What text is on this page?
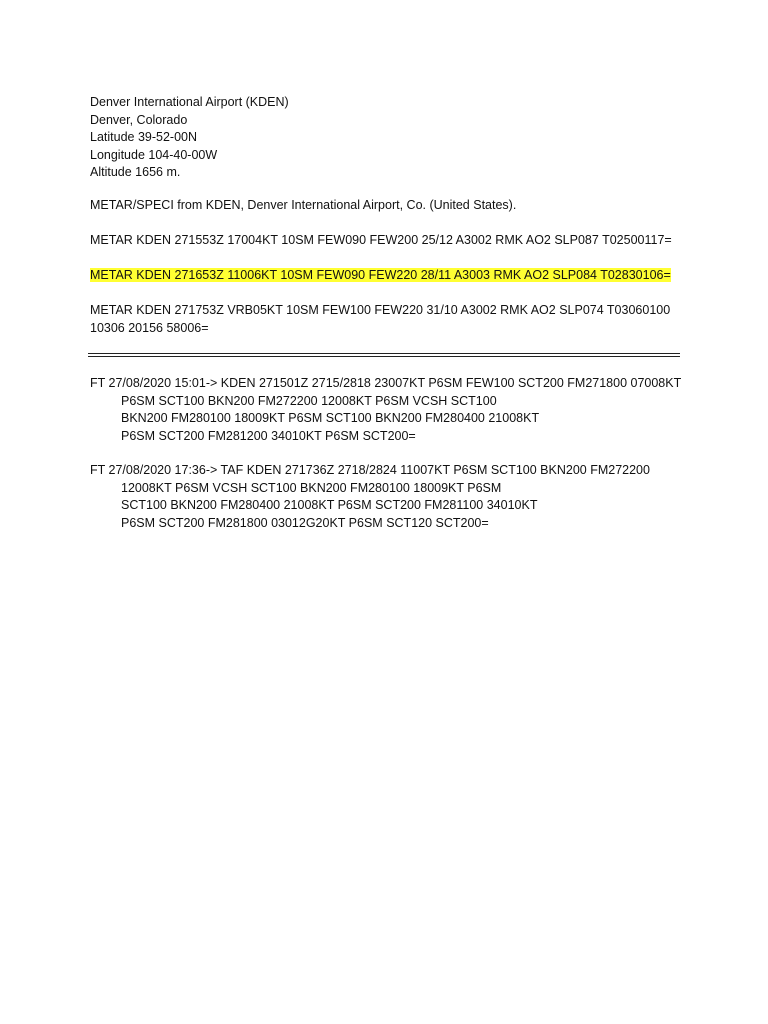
Denver International Airport (KDEN)
Denver, Colorado
Latitude 39-52-00N
Longitude 104-40-00W
Altitude 1656 m.
METAR/SPECI from KDEN, Denver International Airport, Co. (United States).
METAR KDEN 271553Z 17004KT 10SM FEW090 FEW200 25/12 A3002 RMK AO2 SLP087 T02500117=
METAR KDEN 271653Z 11006KT 10SM FEW090 FEW220 28/11 A3003 RMK AO2 SLP084 T02830106=
METAR KDEN 271753Z VRB05KT 10SM FEW100 FEW220 31/10 A3002 RMK AO2 SLP074 T03060100
10306 20156 58006=
FT 27/08/2020 15:01-> KDEN 271501Z 2715/2818 23007KT P6SM FEW100 SCT200 FM271800 07008KT
P6SM SCT100 BKN200 FM272200 12008KT P6SM VCSH SCT100
BKN200 FM280100 18009KT P6SM SCT100 BKN200 FM280400 21008KT
P6SM SCT200 FM281200 34010KT P6SM SCT200=
FT 27/08/2020 17:36-> TAF KDEN 271736Z 2718/2824 11007KT P6SM SCT100 BKN200 FM272200
12008KT P6SM VCSH SCT100 BKN200 FM280100 18009KT P6SM
SCT100 BKN200 FM280400 21008KT P6SM SCT200 FM281100 34010KT
P6SM SCT200 FM281800 03012G20KT P6SM SCT120 SCT200=
